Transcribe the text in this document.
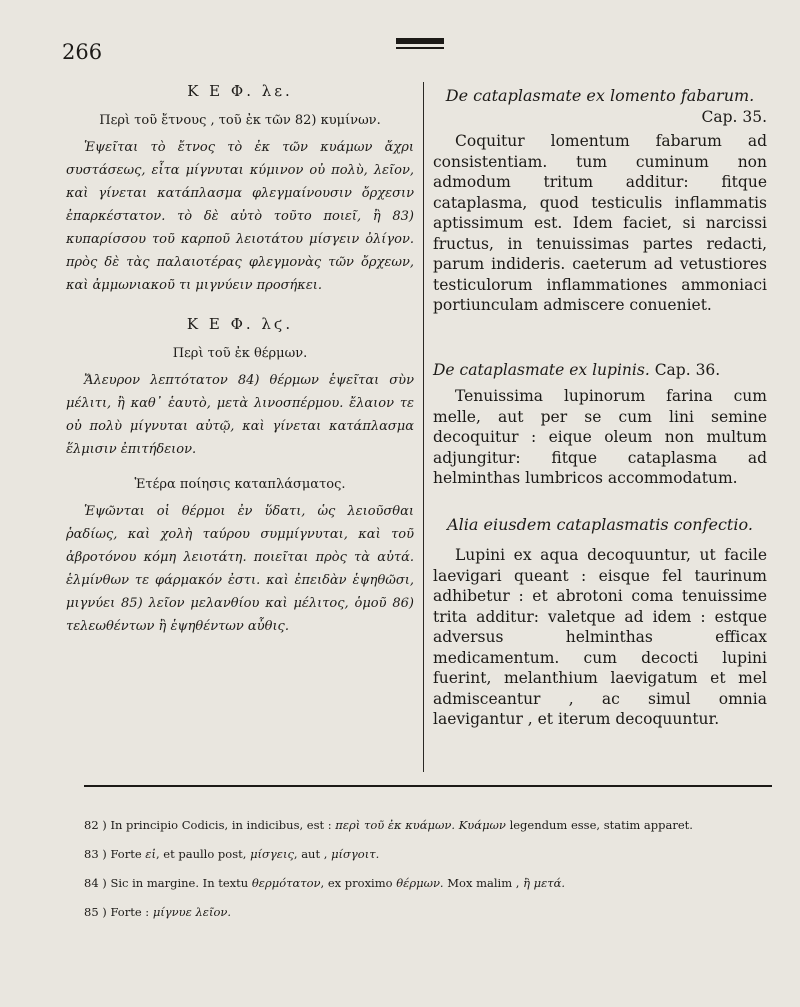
266
Κ Ε Φ. λε.
Περὶ τοῦ ἔτνους , τοῦ ἐκ τῶν 82) κυμίνων.

Ἑψεῖται τὸ ἔτνος τὸ ἐκ τῶν κυάμων ἄχρι συστάσεως, εἶτα μίγνυται κύμινον οὐ πολὺ, λεῖον, καὶ γίνεται κατάπλασμα φλεγμαίνουσιν ὄρχεσιν ἐπαρκέστατον. τὸ δὲ αὐτὸ τοῦτο ποιεῖ, ἢ 83) κυπαρίσσου τοῦ καρποῦ λειοτάτου μίσγειν ὀλίγον. πρὸς δὲ τὰς παλαιοτέρας φλεγμονὰς τῶν ὄρχεων, καὶ ἀμμωνιακοῦ τι μιγνύειν προσήκει.

Κ Ε Φ. λϛ.
Περὶ τοῦ ἐκ θέρμων.

Ἄλευρον λεπτότατον 84) θέρμων ἑψεῖται σὺν μέλιτι, ἢ καθ᾽ ἑαυτὸ, μετὰ λινοσπέρμου. ἔλαιον τε οὐ πολὺ μίγνυται αὐτῷ, καὶ γίνεται κατάπλασμα ἕλμισιν ἐπιτήδειον.

Ἑτέρα ποίησις καταπλάσματος.

Ἑψῶνται οἱ θέρμοι ἐν ὕδατι, ὡς λειοῦσθαι ῥαδίως, καὶ χολὴ ταύρου συμμίγνυται, καὶ τοῦ ἀβροτόνου κόμη λειοτάτη. ποιεῖται πρὸς τὰ αὐτά. ἑλμίνθων τε φάρμακόν ἐστι. καὶ ἐπειδὰν ἑψηθῶσι, μιγνύει 85) λεῖον μελανθίου καὶ μέλιτος, ὁμοῦ 86) τελεωθέντων ἢ ἑψηθέντων αὖθις.

De cataplasmate ex lomento fabarum.
Cap. 35.

Coquitur lomentum fabarum ad consistentiam. tum cuminum non admodum tritum additur: fitque cataplasma, quod testiculis inflammatis aptissimum est. Idem faciet, si narcissi fructus, in tenuissimas partes redacti, parum indideris. caeterum ad vetustiores testiculorum inflammationes ammoniaci portiunculam admiscere conueniet.

De cataplasmate ex lupinis. Cap. 36.

Tenuissima lupinorum farina cum melle, aut per se cum lini semine decoquitur : eique oleum non multum adjungitur: fitque cataplasma ad helminthas lumbricos accommodatum.

Alia eiusdem cataplasmatis confectio.

Lupini ex aqua decoquuntur, ut facile laevigari queant : eisque fel taurinum adhibetur : et abrotoni coma tenuissime trita additur: valetque ad idem : estque adversus helminthas efficax medicamentum. cum decocti lupini fuerint, melanthium laevigatum et mel admisceantur , ac simul omnia laevigantur , et iterum decoquuntur.

82 ) In principio Codicis, in indicibus, est : περὶ τοῦ ἐκ κυάμων. Κυάμων legendum esse, statim apparet.
83 ) Forte εἰ, et paullo post, μίσγεις, aut , μίσγοιτ.
84 ) Sic in margine. In textu θερμότατον, ex proximo θέρμων. Mox malim , ἢ μετά.
85 ) Forte : μίγνυε λεῖον.
